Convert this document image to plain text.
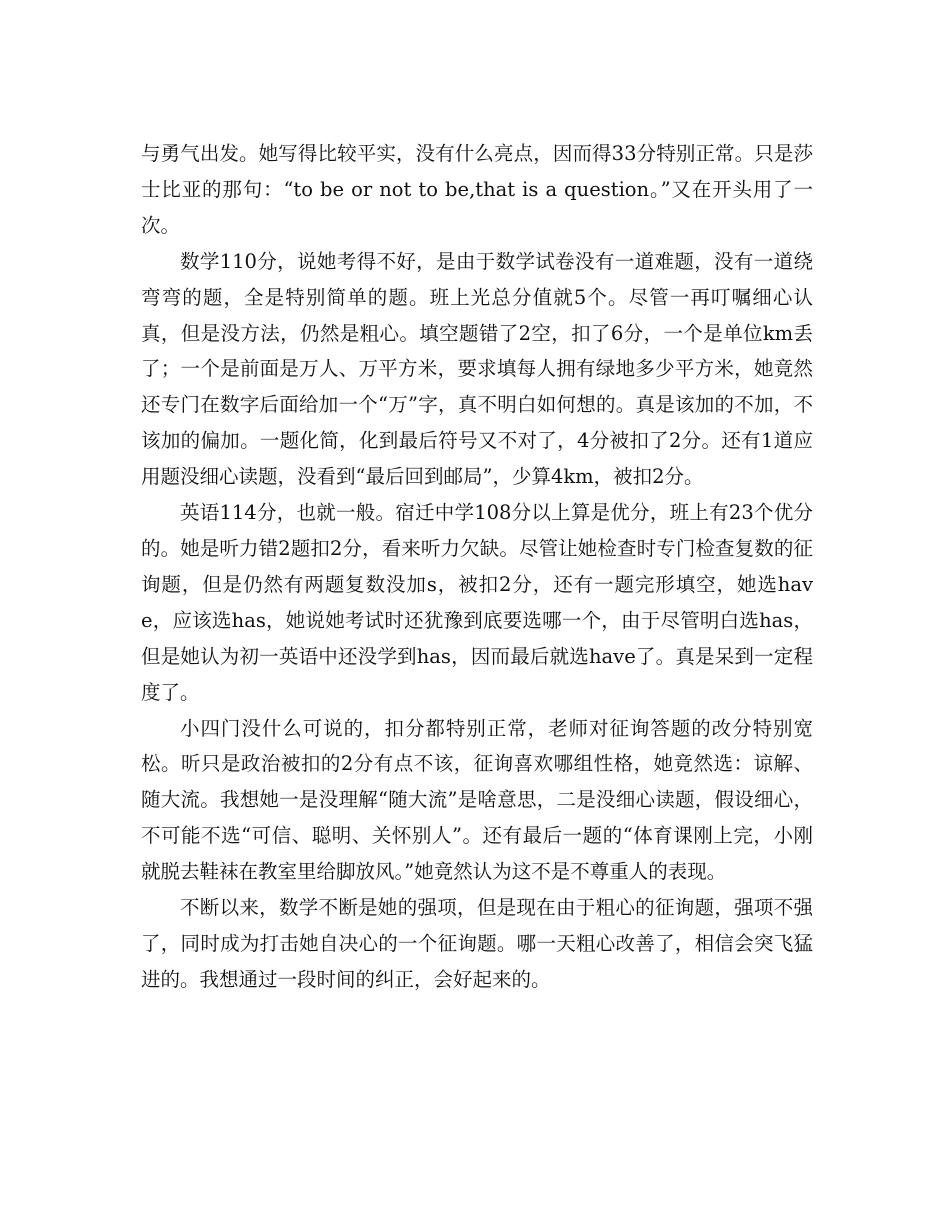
与勇气出发。她写得比较平实，没有什么亮点，因而得33分特别正常。只是莎士比亚的那句：“to be or not to be,that is a question。”又在开头用了一次。

数学110分，说她考得不好，是由于数学试卷没有一道难题，没有一道绕弯弯的题，全是特别简单的题。班上光总分值就5个。尽管一再叮嘱细心认真，但是没方法，仍然是粗心。填空题错了2空，扣了6分，一个是单位km丢了；一个是前面是万人、万平方米，要求填每人拥有绿地多少平方米，她竟然还专门在数字后面给加一个“万”字，真不明白如何想的。真是该加的不加，不该加的偏加。一题化简，化到最后符号又不对了，4分被扣了2分。还有1道应用题没细心读题，没看到“最后回到邮局”，少算4km，被扣2分。

英语114分，也就一般。宿迁中学108分以上算是优分，班上有23个优分的。她是听力错2题扣2分，看来听力欠缺。尽管让她检查时专门检查复数的征询题，但是仍然有两题复数没加s，被扣2分，还有一题完形填空，她选have，应该选has，她说她考试时还犹豫到底要选哪一个，由于尽管明白选has，但是她认为初一英语中还没学到has，因而最后就选have了。真是呆到一定程度了。

小四门没什么可说的，扣分都特别正常，老师对征询答题的改分特别宽松。昕只是政治被扣的2分有点不该，征询喜欢哪组性格，她竟然选：谅解、随大流。我想她一是没理解“随大流”是啥意思，二是没细心读题，假设细心，不可能不选“可信、聪明、关怀别人”。还有最后一题的“体育课刚上完，小刚就脱去鞋袜在教室里给脚放风。”她竟然认为这不是不尊重人的表现。

不断以来，数学不断是她的强项，但是现在由于粗心的征询题，强项不强了，同时成为打击她自决心的一个征询题。哪一天粗心改善了，相信会突飞猛进的。我想通过一段时间的纠正，会好起来的。
